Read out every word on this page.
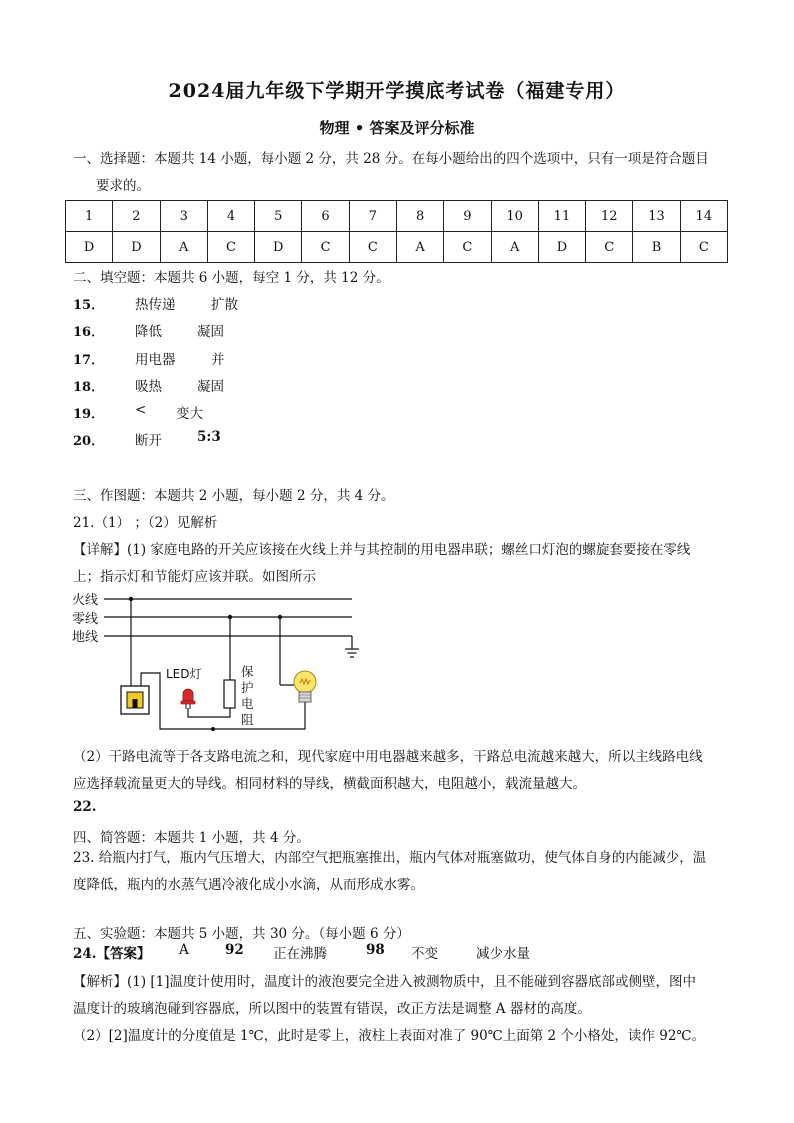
2024届九年级下学期开学摸底考试卷（福建专用）
物理 • 答案及评分标准
一、选择题：本题共 14 小题，每小题 2 分，共 28 分。在每小题给出的四个选项中，只有一项是符合题目
要求的。
1	2	3	4	5	6	7	8	9	10	11	12	13	14
D	D	A	C	D	C	C	A	C	A	D	C	B	C
二、填空题：本题共 6 小题，每空 1 分，共 12 分。
15． 热传递	扩散
16． 降低	凝固
17． 用电器	并
18． 吸热	凝固
19． < 变大
20． 断开	5:3
三、作图题：本题共 2 小题，每小题 2 分，共 4 分。
21.（1） ；（2）见解析
【详解】(1) 家庭电路的开关应该接在火线上并与其控制的用电器串联；螺丝口灯泡的螺旋套要接在零线
上；指示灯和节能灯应该并联。如图所示
火线
零线
地线
LED灯	保
护
电
阻
（2）干路电流等于各支路电流之和，现代家庭中用电器越来越多，干路总电流越来越大，所以主线路电线
应选择载流量更大的导线。相同材料的导线，横截面积越大，电阻越小，载流量越大。
22.
四、简答题：本题共 1 小题，共 4 分。
23. 给瓶内打气，瓶内气压增大，内部空气把瓶塞推出，瓶内气体对瓶塞做功，使气体自身的内能减少，温
度降低，瓶内的水蒸气遇冷液化成小水滴，从而形成水雾。
五、实验题：本题共 5 小题，共 30 分。（每小题 6 分）
24.【答案】 A	92 正在沸腾	98 不变	减少水量
【解析】(1) [1]温度计使用时，温度计的液泡要完全进入被测物质中，且不能碰到容器底部或侧壁，图中
温度计的玻璃泡碰到容器底，所以图中的装置有错误，改正方法是调整 A 器材的高度。
（2）[2]温度计的分度值是 1℃，此时是零上，液柱上表面对准了 90℃上面第 2 个小格处，读作 92℃。
